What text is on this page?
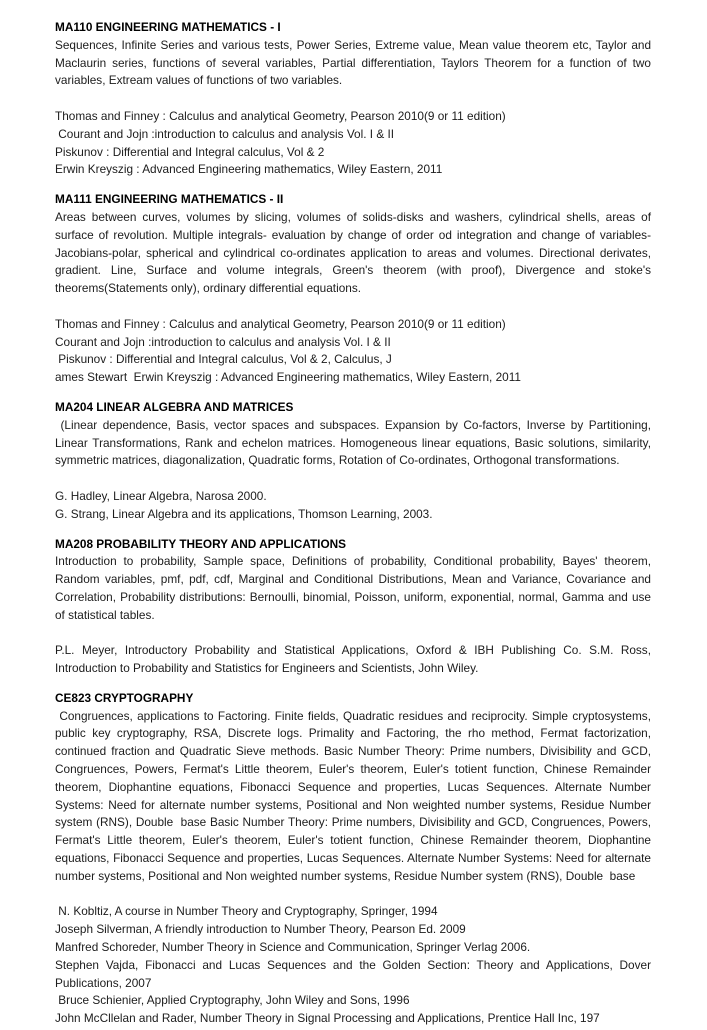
MA110 ENGINEERING MATHEMATICS - I

Sequences, Infinite Series and various tests, Power Series, Extreme value, Mean value theorem etc, Taylor and Maclaurin series, functions of several variables, Partial differentiation, Taylors Theorem for a function of two variables, Extream values of functions of two variables.

Thomas and Finney : Calculus and analytical Geometry, Pearson 2010(9 or 11 edition)

Courant and Jojn :introduction to calculus and analysis Vol. I & II

Piskunov : Differential and Integral calculus, Vol & 2

Erwin Kreyszig : Advanced Engineering mathematics, Wiley Eastern, 2011

MA111 ENGINEERING MATHEMATICS - II

Areas between curves, volumes by slicing, volumes of solids-disks and washers, cylindrical shells, areas of surface of revolution. Multiple integrals- evaluation by change of order od integration and change of variables-Jacobians-polar, spherical and cylindrical co-ordinates application to areas and volumes. Directional derivates, gradient. Line, Surface and volume integrals, Green's theorem (with proof), Divergence and stoke's theorems(Statements only), ordinary differential equations.

Thomas and Finney : Calculus and analytical Geometry, Pearson 2010(9 or 11 edition)

Courant and Jojn :introduction to calculus and analysis Vol. I & II

Piskunov : Differential and Integral calculus, Vol & 2, Calculus, J

ames Stewart  Erwin Kreyszig : Advanced Engineering mathematics, Wiley Eastern, 2011

MA204 LINEAR ALGEBRA AND MATRICES

(Linear dependence, Basis, vector spaces and subspaces. Expansion by Co-factors, Inverse by Partitioning, Linear Transformations, Rank and echelon matrices. Homogeneous linear equations, Basic solutions, similarity, symmetric matrices, diagonalization, Quadratic forms, Rotation of Co-ordinates, Orthogonal transformations.

G. Hadley, Linear Algebra, Narosa 2000.

G. Strang, Linear Algebra and its applications, Thomson Learning, 2003.

MA208 PROBABILITY THEORY AND APPLICATIONS

Introduction to probability, Sample space, Definitions of probability, Conditional probability, Bayes' theorem, Random variables, pmf, pdf, cdf, Marginal and Conditional Distributions, Mean and Variance, Covariance and Correlation, Probability distributions: Bernoulli, binomial, Poisson, uniform, exponential, normal, Gamma and use of statistical tables.

P.L. Meyer, Introductory Probability and Statistical Applications, Oxford & IBH Publishing Co. S.M. Ross, Introduction to Probability and Statistics for Engineers and Scientists, John Wiley.

CE823 CRYPTOGRAPHY

Congruences, applications to Factoring. Finite fields, Quadratic residues and reciprocity. Simple cryptosystems, public key cryptography, RSA, Discrete logs. Primality and Factoring, the rho method, Fermat factorization, continued fraction and Quadratic Sieve methods. Basic Number Theory: Prime numbers, Divisibility and GCD, Congruences, Powers, Fermat's Little theorem, Euler's theorem, Euler's totient function, Chinese Remainder theorem, Diophantine equations, Fibonacci Sequence and properties, Lucas Sequences. Alternate Number Systems: Need for alternate number systems, Positional and Non weighted number systems, Residue Number system (RNS), Double  base Basic Number Theory: Prime numbers, Divisibility and GCD, Congruences, Powers, Fermat's Little theorem, Euler's theorem, Euler's totient function, Chinese Remainder theorem, Diophantine equations, Fibonacci Sequence and properties, Lucas Sequences. Alternate Number Systems: Need for alternate number systems, Positional and Non weighted number systems, Residue Number system (RNS), Double  base

N. Kobltiz, A course in Number Theory and Cryptography, Springer, 1994

Joseph Silverman, A friendly introduction to Number Theory, Pearson Ed. 2009

Manfred Schoreder, Number Theory in Science and Communication, Springer Verlag 2006.

Stephen Vajda, Fibonacci and Lucas Sequences and the Golden Section: Theory and Applications, Dover Publications, 2007

Bruce Schienier, Applied Cryptography, John Wiley and Sons, 1996

John McCllelan and Rader, Number Theory in Signal Processing and Applications, Prentice Hall Inc, 197
